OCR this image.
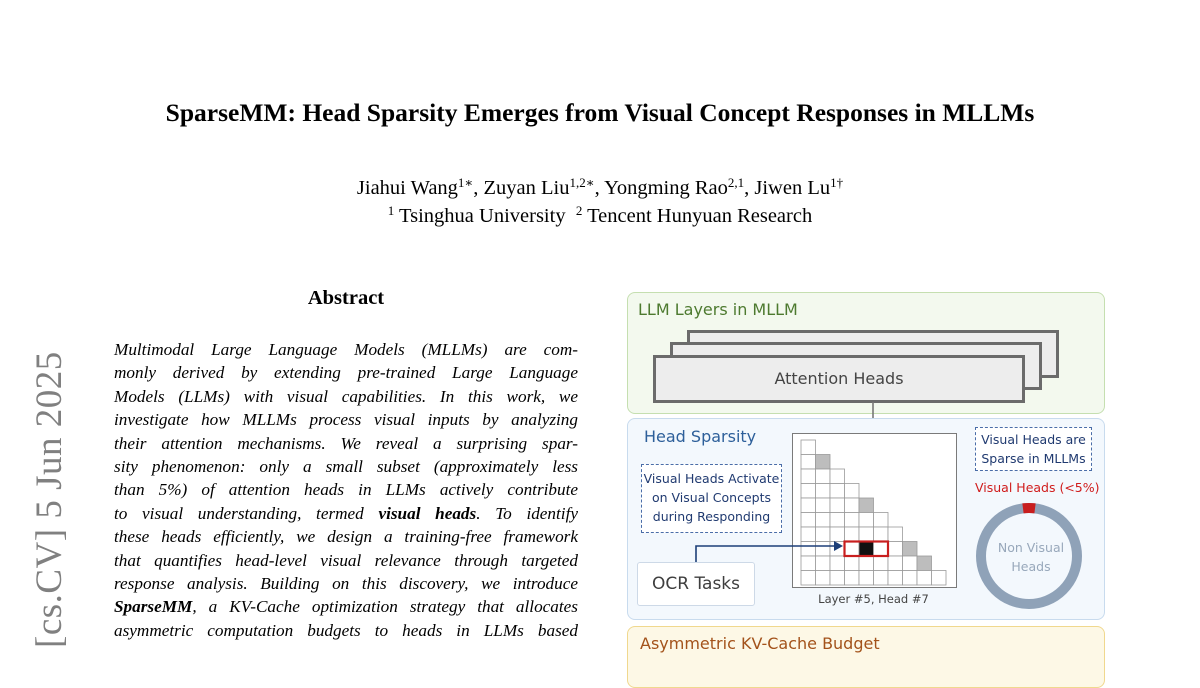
SparseMM: Head Sparsity Emerges from Visual Concept Responses in MLLMs
Jiahui Wang$^{1∗}$, Zuyan Liu$^{1,2∗}$, Yongming Rao$^{2,1}$, Jiwen $Lu^{1\dagger}$
$^1$ Tsinghua University $^2$ Tencent Hunyuan Research
[cs.CV] 5 Jun 2025
Abstract
Multimodal Large Language Models (MLLMs) are com-
monly derived by extending pre-trained Large Language
Models (LLMs) with visual capabilities. In this work, we
investigate how MLLMs process visual inputs by analyzing
their attention mechanisms. We reveal a surprising spar-
sity phenomenon: only a small subset (approximately less
than 5%) of attention heads in LLMs actively contribute
to visual understanding, termed visual heads. To identify
these heads efficiently, we design a training-free framework
that quantifies head-level visual relevance through targeted
response analysis. Building on this discovery, we introduce
SparseMM, a KV-Cache optimization strategy that allocates
asymmetric computation budgets to heads in LLMs based
LLM Layers in MLLM
Attention Heads
Head Sparsity
Visual Heads Activate
on Visual Concepts
during Responding
Visual Heads are
Sparse in MLLMs
OCR Tasks
Layer #5, Head #7
Visual Heads (<5%)
Non Visual
Heads
Asymmetric KV-Cache Budget
